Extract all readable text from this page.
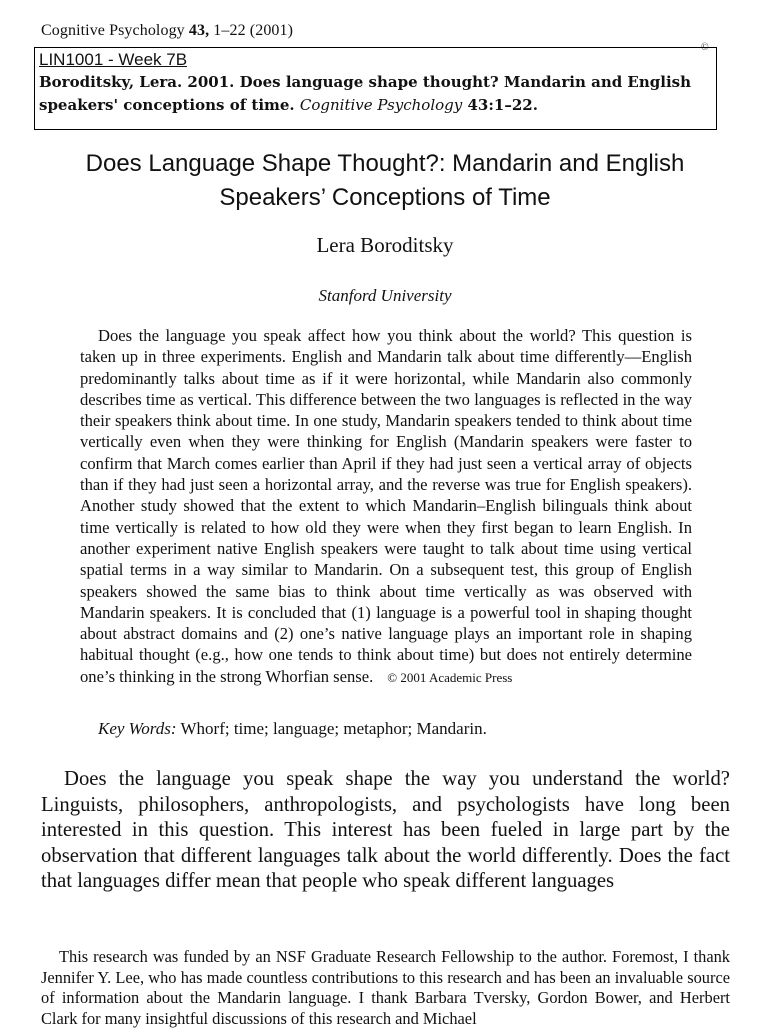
Cognitive Psychology 43, 1–22 (2001)
©
LIN1001 - Week 7B
Boroditsky, Lera. 2001. Does language shape thought? Mandarin and English speakers' conceptions of time. Cognitive Psychology 43:1–22.
Does Language Shape Thought?: Mandarin and English Speakers’ Conceptions of Time
Lera Boroditsky
Stanford University

Does the language you speak affect how you think about the world? This question is taken up in three experiments. English and Mandarin talk about time differently—English predominantly talks about time as if it were horizontal, while Mandarin also commonly describes time as vertical. This difference between the two languages is reflected in the way their speakers think about time. In one study, Mandarin speakers tended to think about time vertically even when they were thinking for English (Mandarin speakers were faster to confirm that March comes earlier than April if they had just seen a vertical array of objects than if they had just seen a horizontal array, and the reverse was true for English speakers). Another study showed that the extent to which Mandarin–English bilinguals think about time vertically is related to how old they were when they first began to learn English. In another experiment native English speakers were taught to talk about time using vertical spatial terms in a way similar to Mandarin. On a subsequent test, this group of English speakers showed the same bias to think about time vertically as was observed with Mandarin speakers. It is concluded that (1) language is a powerful tool in shaping thought about abstract domains and (2) one’s native language plays an important role in shaping habitual thought (e.g., how one tends to think about time) but does not entirely determine one’s thinking in the strong Whorfian sense. © 2001 Academic Press

Key Words: Whorf; time; language; metaphor; Mandarin.

Does the language you speak shape the way you understand the world? Linguists, philosophers, anthropologists, and psychologists have long been interested in this question. This interest has been fueled in large part by the observation that different languages talk about the world differently. Does the fact that languages differ mean that people who speak different languages

This research was funded by an NSF Graduate Research Fellowship to the author. Foremost, I thank Jennifer Y. Lee, who has made countless contributions to this research and has been an invaluable source of information about the Mandarin language. I thank Barbara Tversky, Gordon Bower, and Herbert Clark for many insightful discussions of this research and Michael
